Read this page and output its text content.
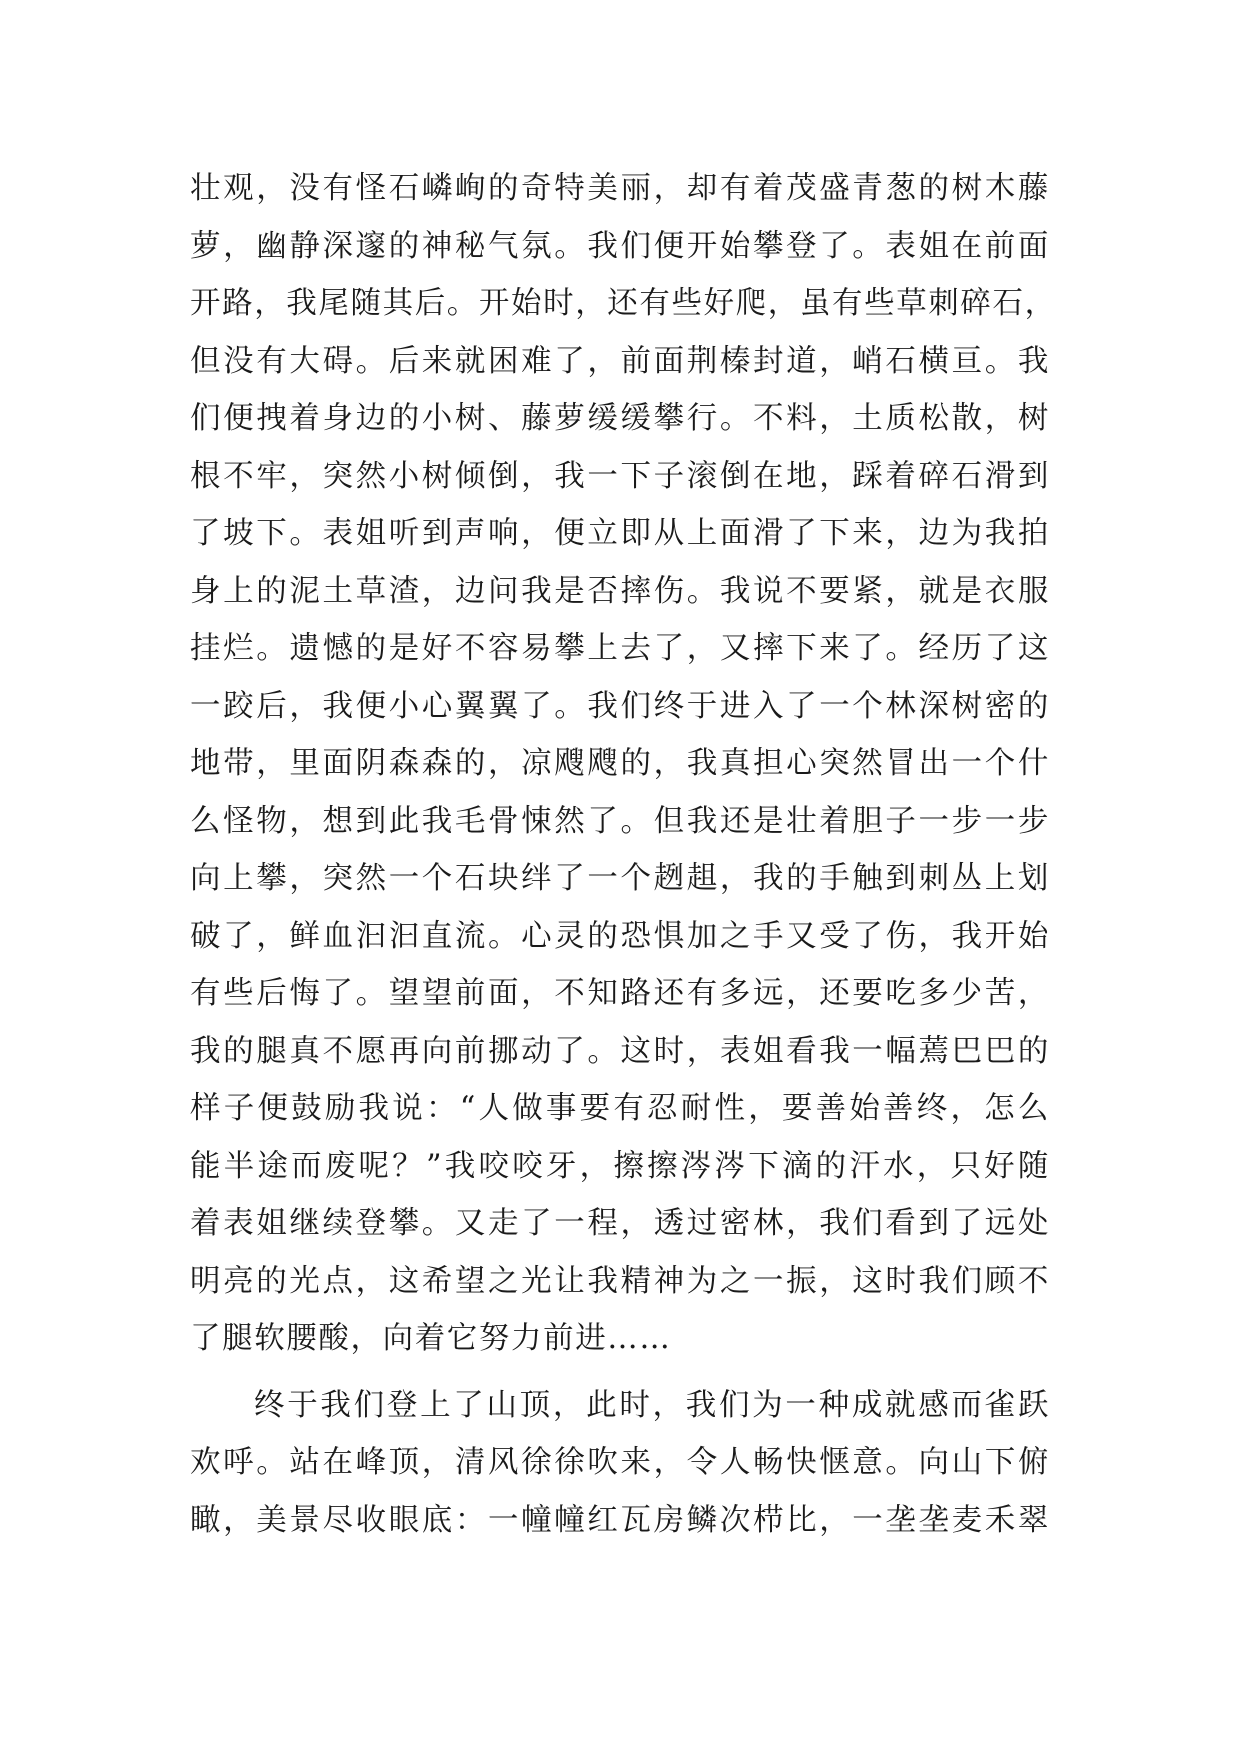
壮观，没有怪石嶙峋的奇特美丽，却有着茂盛青葱的树木藤
萝，幽静深邃的神秘气氛。我们便开始攀登了。表姐在前面
开路，我尾随其后。开始时，还有些好爬，虽有些草刺碎石，
但没有大碍。后来就困难了，前面荆榛封道，峭石横亘。我
们便拽着身边的小树、藤萝缓缓攀行。不料，土质松散，树
根不牢，突然小树倾倒，我一下子滚倒在地，踩着碎石滑到
了坡下。表姐听到声响，便立即从上面滑了下来，边为我拍
身上的泥土草渣，边问我是否摔伤。我说不要紧，就是衣服
挂烂。遗憾的是好不容易攀上去了，又摔下来了。经历了这
一跤后，我便小心翼翼了。我们终于进入了一个林深树密的
地带，里面阴森森的，凉飕飕的，我真担心突然冒出一个什
么怪物，想到此我毛骨悚然了。但我还是壮着胆子一步一步
向上攀，突然一个石块绊了一个趔趄，我的手触到刺丛上划
破了，鲜血汩汩直流。心灵的恐惧加之手又受了伤，我开始
有些后悔了。望望前面，不知路还有多远，还要吃多少苦，
我的腿真不愿再向前挪动了。这时，表姐看我一幅蔫巴巴的
样子便鼓励我说：“人做事要有忍耐性，要善始善终，怎么
能半途而废呢？”我咬咬牙，擦擦涔涔下滴的汗水，只好随
着表姐继续登攀。又走了一程，透过密林，我们看到了远处
明亮的光点，这希望之光让我精神为之一振，这时我们顾不
了腿软腰酸，向着它努力前进……
终于我们登上了山顶，此时，我们为一种成就感而雀跃
欢呼。站在峰顶，清风徐徐吹来，令人畅快惬意。向山下俯
瞰，美景尽收眼底：一幢幢红瓦房鳞次栉比，一垄垄麦禾翠
